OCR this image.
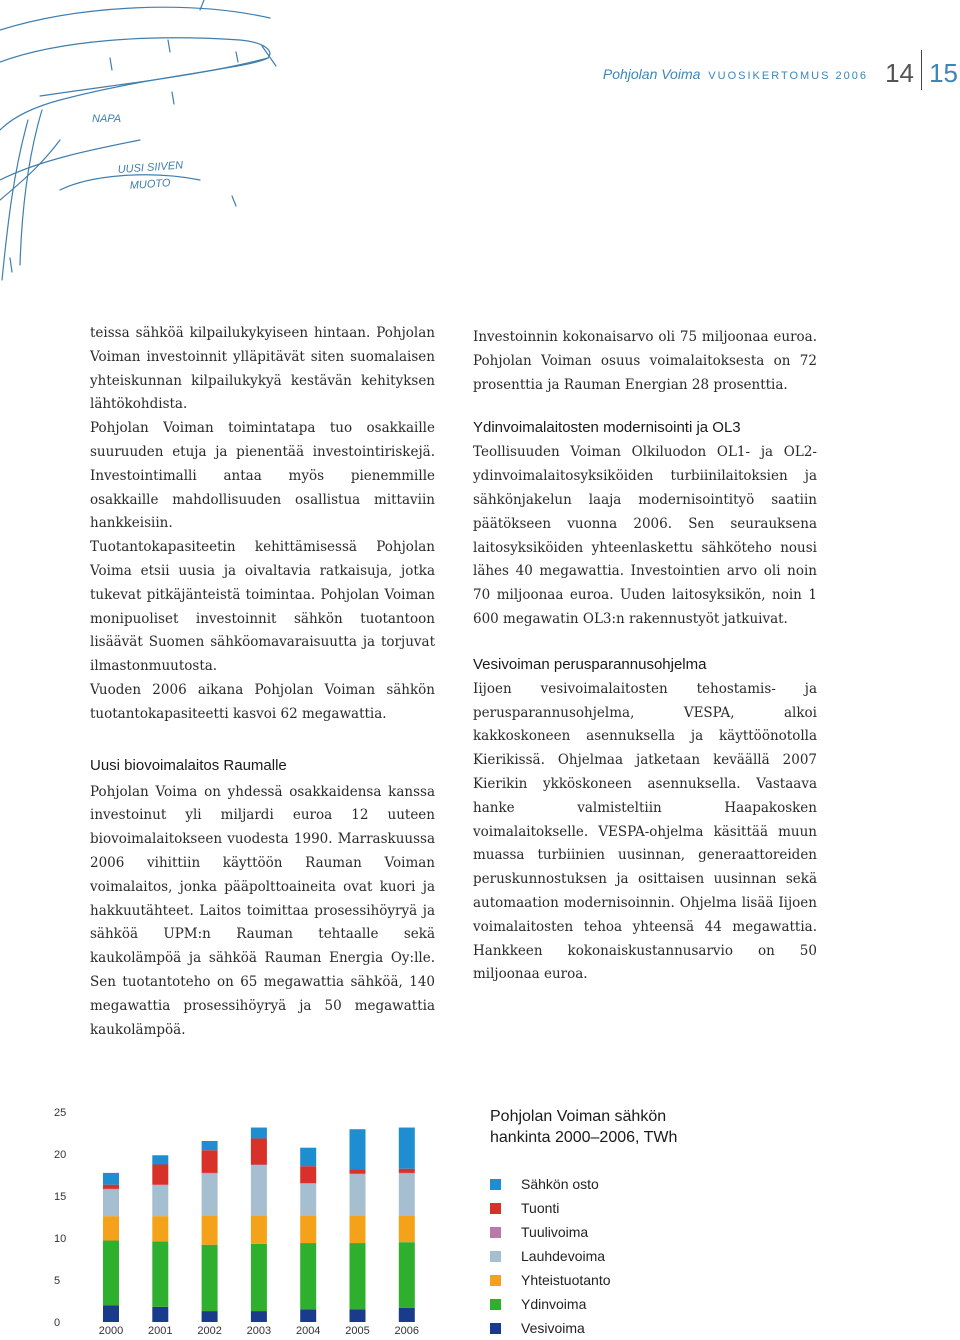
Pohjolan Voima VUOSIKERTOMUS 2006 14 15
NAPA
UUSI SIIVEN
MUOTO

teissa sähköä kilpailukykyiseen hintaan. Pohjolan Voiman investoinnit ylläpitävät siten suomalaisen yhteiskunnan kilpailukykyä kestävän kehityksen lähtökohdista.

Pohjolan Voiman toimintatapa tuo osakkaille suuruuden etuja ja pienentää investointiriskejä. Investointimalli antaa myös pienemmille osakkaille mahdollisuuden osallistua mittaviin hankkeisiin.

Tuotantokapasiteetin kehittämisessä Pohjolan Voima etsii uusia ja oivaltavia ratkaisuja, jotka tukevat pitkäjänteistä toimintaa. Pohjolan Voiman monipuoliset investoinnit sähkön tuotantoon lisäävät Suomen sähköomavaraisuutta ja torjuvat ilmastonmuutosta.

Vuoden 2006 aikana Pohjolan Voiman sähkön tuotantokapasiteetti kasvoi 62 megawattia.

Uusi biovoimalaitos Raumalle

Pohjolan Voima on yhdessä osakkaidensa kanssa investoinut yli miljardi euroa 12 uuteen biovoimalaitokseen vuodesta 1990. Marraskuussa 2006 vihittiin käyttöön Rauman Voiman voimalaitos, jonka pääpolttoaineita ovat kuori ja hakkuutähteet. Laitos toimittaa prosessihöyryä ja sähköä UPM:n Rauman tehtaalle sekä kaukolämpöä ja sähköä Rauman Energia Oy:lle. Sen tuotantoteho on 65 megawattia sähköä, 140 megawattia prosessihöyryä ja 50 megawattia kaukolämpöä.

Investoinnin kokonaisarvo oli 75 miljoonaa euroa. Pohjolan Voiman osuus voimalaitoksesta on 72 prosenttia ja Rauman Energian 28 prosenttia.

Ydinvoimalaitosten modernisointi ja OL3

Teollisuuden Voiman Olkiluodon OL1- ja OL2-ydinvoimalaitosyksiköiden turbiinilaitoksien ja sähkönjakelun laaja modernisointityö saatiin päätökseen vuonna 2006. Sen seurauksena laitosyksiköiden yhteenlaskettu sähköteho nousi lähes 40 megawattia. Investointien arvo oli noin 70 miljoonaa euroa. Uuden laitosyksikön, noin 1 600 megawatin OL3:n rakennustyöt jatkuivat.

Vesivoiman perusparannusohjelma

Iijoen vesivoimalaitosten tehostamis- ja perusparannusohjelma, VESPA, alkoi kakkoskoneen asennuksella ja käyttöönotolla Kierikissä. Ohjelmaa jatketaan keväällä 2007 Kierikin ykköskoneen asennuksella. Vastaava hanke valmisteltiin Haapakosken voimalaitokselle. VESPA-ohjelma käsittää muun muassa turbiinien uusinnan, generaattoreiden peruskunnostuksen ja osittaisen uusinnan sekä automaation modernisoinnin. Ohjelma lisää Iijoen voimalaitosten tehoa yhteensä 44 megawattia. Hankkeen kokonaiskustannusarvio on 50 miljoonaa euroa.

0
5
10
15
20
25
2000 2001 2002 2003 2004 2005 2006
Pohjolan Voiman sähkön
hankinta 2000–2006, TWh
Sähkön osto
Tuonti
Tuulivoima
Lauhdevoima
Yhteistuotanto
Ydinvoima
Vesivoima
